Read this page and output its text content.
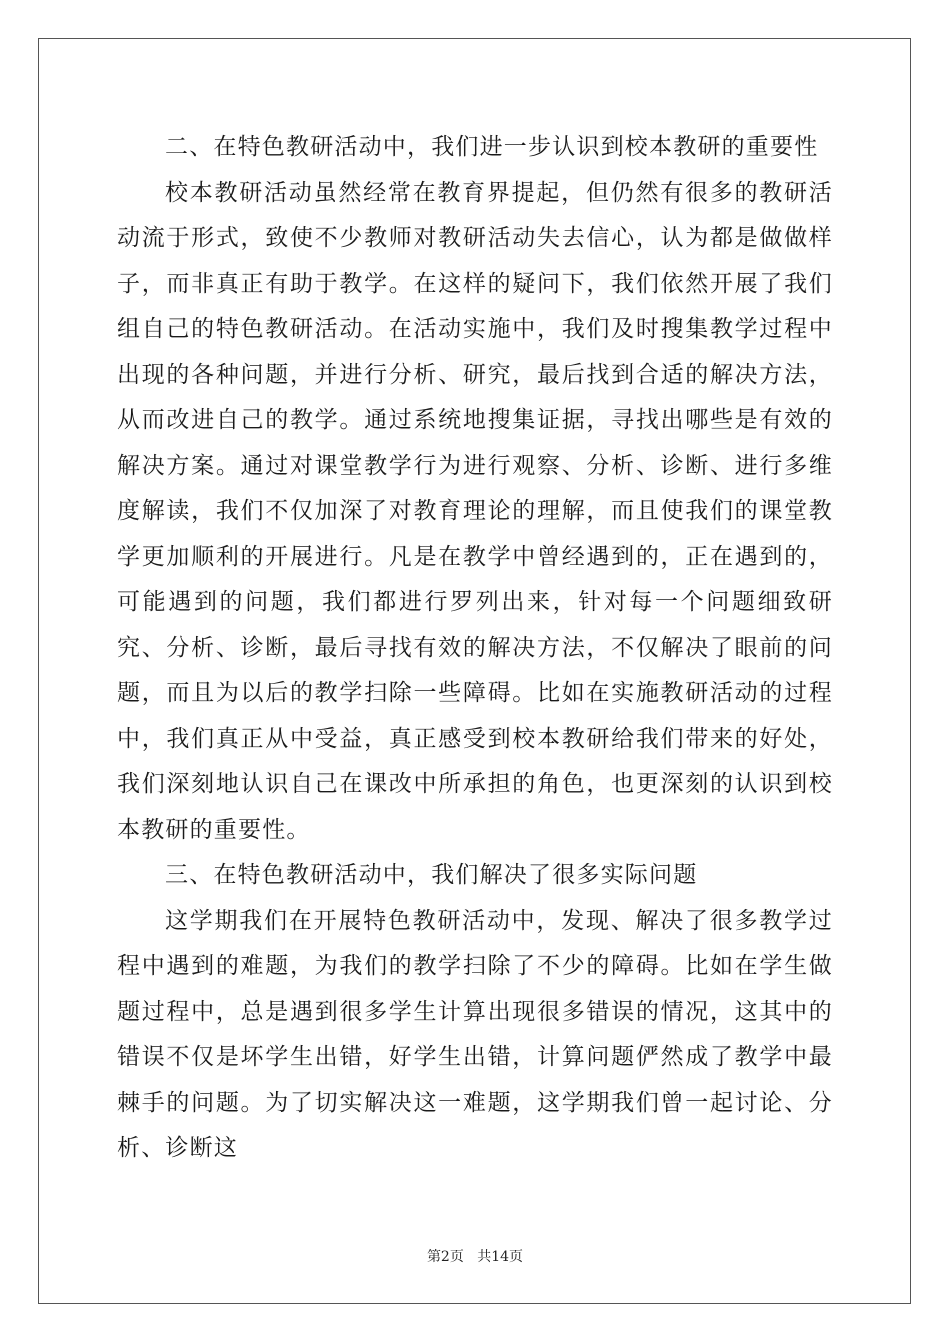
二、在特色教研活动中，我们进一步认识到校本教研的重要性

校本教研活动虽然经常在教育界提起，但仍然有很多的教研活动流于形式，致使不少教师对教研活动失去信心，认为都是做做样子，而非真正有助于教学。在这样的疑问下，我们依然开展了我们组自己的特色教研活动。在活动实施中，我们及时搜集教学过程中出现的各种问题，并进行分析、研究，最后找到合适的解决方法，从而改进自己的教学。通过系统地搜集证据，寻找出哪些是有效的解决方案。通过对课堂教学行为进行观察、分析、诊断、进行多维度解读，我们不仅加深了对教育理论的理解，而且使我们的课堂教学更加顺利的开展进行。凡是在教学中曾经遇到的，正在遇到的，可能遇到的问题，我们都进行罗列出来，针对每一个问题细致研究、分析、诊断，最后寻找有效的解决方法，不仅解决了眼前的问题，而且为以后的教学扫除一些障碍。比如在实施教研活动的过程中，我们真正从中受益，真正感受到校本教研给我们带来的好处，我们深刻地认识自己在课改中所承担的角色，也更深刻的认识到校本教研的重要性。

三、在特色教研活动中，我们解决了很多实际问题

这学期我们在开展特色教研活动中，发现、解决了很多教学过程中遇到的难题，为我们的教学扫除了不少的障碍。比如在学生做题过程中，总是遇到很多学生计算出现很多错误的情况，这其中的错误不仅是坏学生出错，好学生出错，计算问题俨然成了教学中最棘手的问题。为了切实解决这一难题，这学期我们曾一起讨论、分析、诊断这

第2页 共14页
